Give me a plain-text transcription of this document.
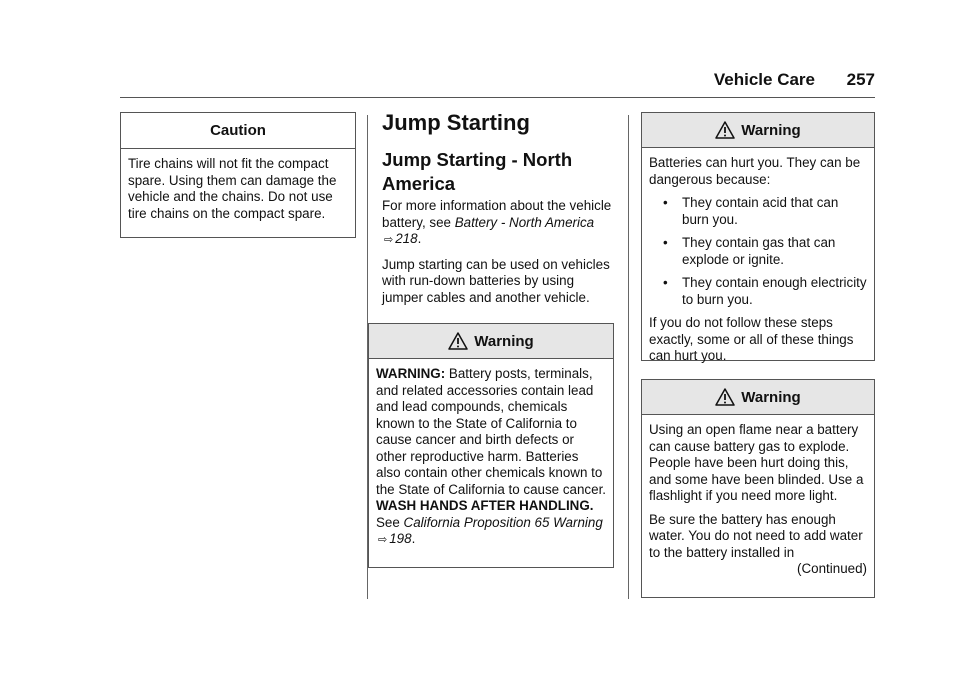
Vehicle Care 257
Caution
Tire chains will not fit the compact spare. Using them can damage the vehicle and the chains. Do not use tire chains on the compact spare.
Jump Starting
Jump Starting - North America

For more information about the vehicle battery, see Battery - North America ⇨ 218.

Jump starting can be used on vehicles with run-down batteries by using jumper cables and another vehicle.

Warning
WARNING: Battery posts, terminals, and related accessories contain lead and lead compounds, chemicals known to the State of California to cause cancer and birth defects or other reproductive harm. Batteries also contain other chemicals known to the State of California to cause cancer. WASH HANDS AFTER HANDLING. See California Proposition 65 Warning ⇨ 198.
Warning

Batteries can hurt you. They can be dangerous because:

• They contain acid that can burn you.
• They contain gas that can explode or ignite.
• They contain enough electricity to burn you.

If you do not follow these steps exactly, some or all of these things can hurt you.

Warning

Using an open flame near a battery can cause battery gas to explode. People have been hurt doing this, and some have been blinded. Use a flashlight if you need more light.

Be sure the battery has enough water. You do not need to add water to the battery installed in

(Continued)
